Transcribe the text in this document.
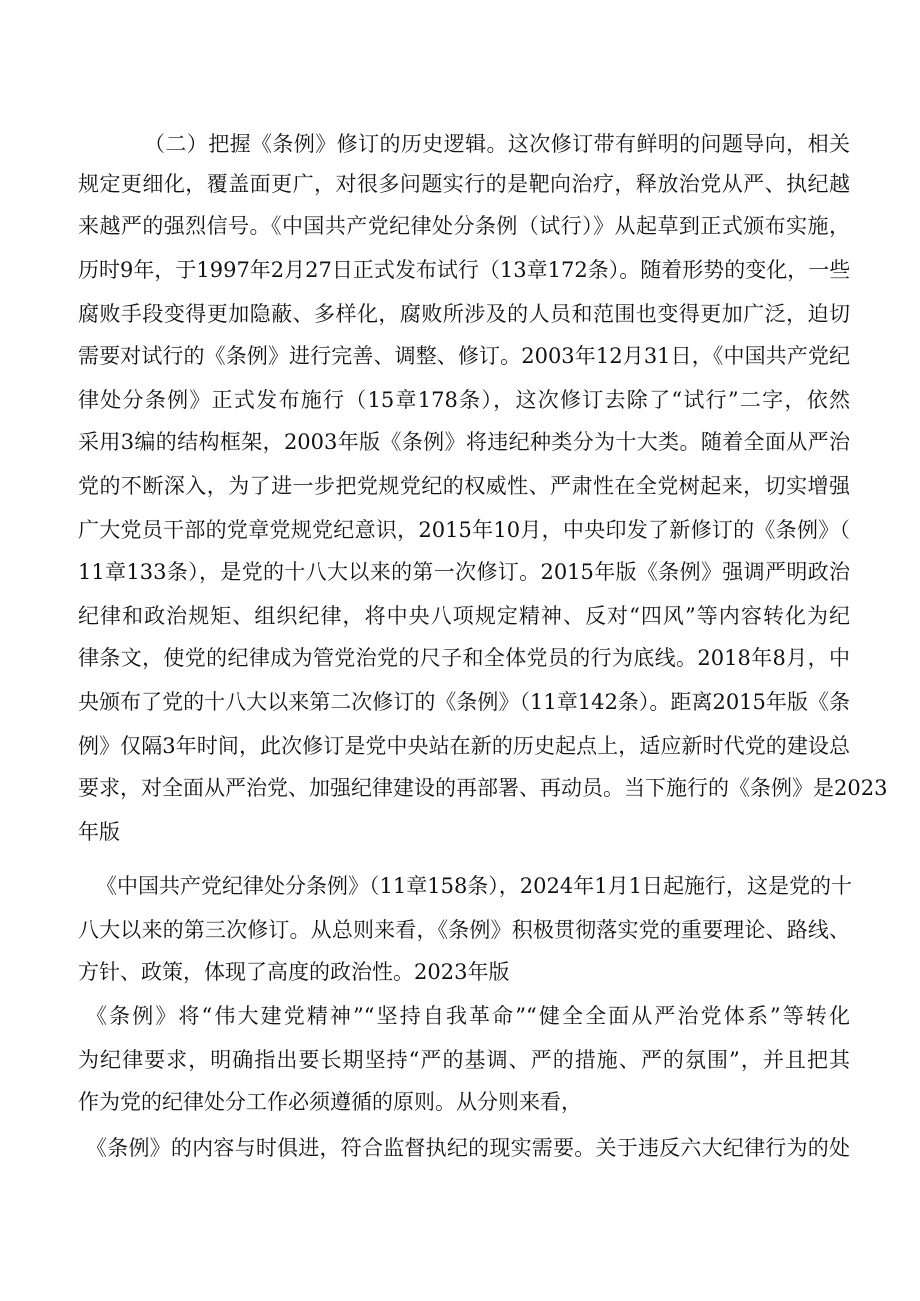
（二）把握《条例》修订的历史逻辑。这次修订带有鲜明的问题导向，相关
规定更细化，覆盖面更广，对很多问题实行的是靶向治疗，释放治党从严、执纪越
来越严的强烈信号。《中国共产党纪律处分条例（试行）》从起草到正式颁布实施，
历时9年，于1997年2月27日正式发布试行（13章172条）。随着形势的变化，一些
腐败手段变得更加隐蔽、多样化，腐败所涉及的人员和范围也变得更加广泛，迫切
需要对试行的《条例》进行完善、调整、修订。2003年12月31日，《中国共产党纪
律处分条例》正式发布施行（15章178条），这次修订去除了“试行”二字，依然
采用3编的结构框架，2003年版《条例》将违纪种类分为十大类。随着全面从严治
党的不断深入，为了进一步把党规党纪的权威性、严肃性在全党树起来，切实增强
广大党员干部的党章党规党纪意识，2015年10月，中央印发了新修订的《条例》（
11章133条），是党的十八大以来的第一次修订。2015年版《条例》强调严明政治
纪律和政治规矩、组织纪律，将中央八项规定精神、反对“四风”等内容转化为纪
律条文，使党的纪律成为管党治党的尺子和全体党员的行为底线。2018年8月，中
央颁布了党的十八大以来第二次修订的《条例》（11章142条）。距离2015年版《条
例》仅隔3年时间，此次修订是党中央站在新的历史起点上，适应新时代党的建设总
要求，对全面从严治党、加强纪律建设的再部署、再动员。当下施行的《条例》是2023
年版
《中国共产党纪律处分条例》（11章158条），2024年1月1日起施行，这是党的十
八大以来的第三次修订。从总则来看，《条例》积极贯彻落实党的重要理论、路线、
方针、政策，体现了高度的政治性。2023年版
《条例》将“伟大建党精神”“坚持自我革命”“健全全面从严治党体系”等转化
为纪律要求，明确指出要长期坚持“严的基调、严的措施、严的氛围”，并且把其
作为党的纪律处分工作必须遵循的原则。从分则来看，
《条例》的内容与时俱进，符合监督执纪的现实需要。关于违反六大纪律行为的处
